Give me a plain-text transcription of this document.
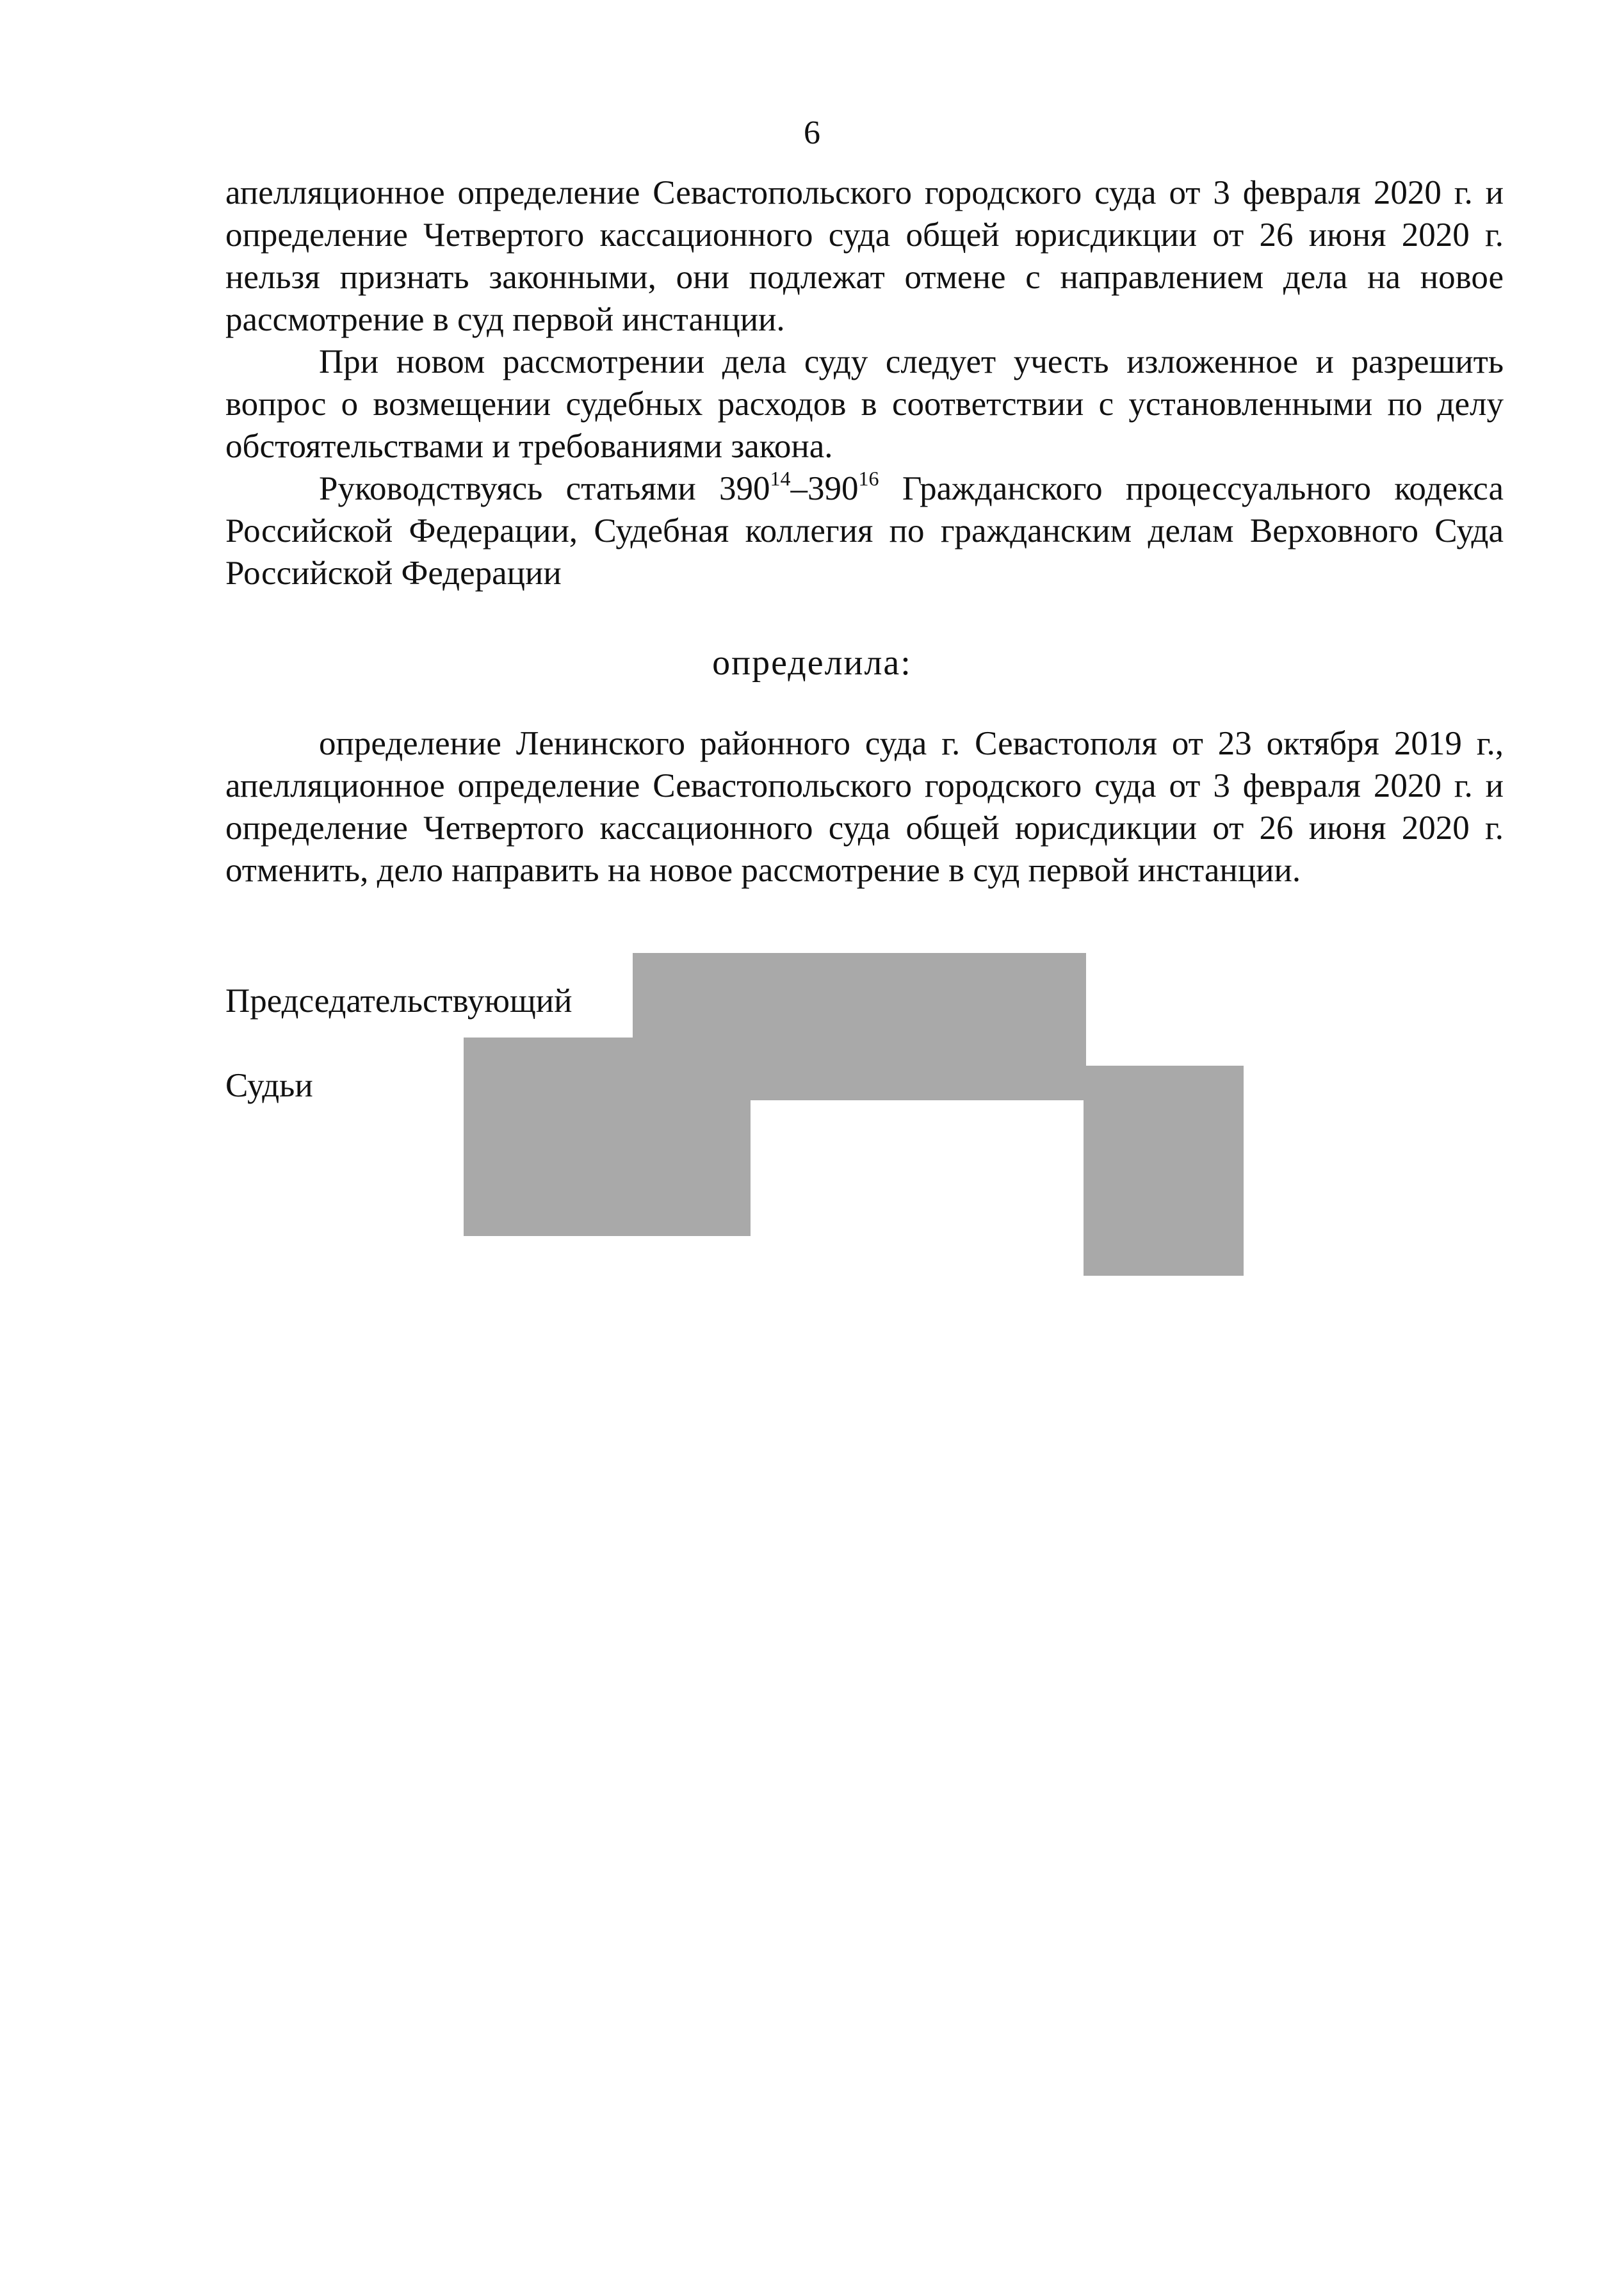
6
апелляционное определение Севастопольского городского суда от 3 февраля 2020 г. и определение Четвертого кассационного суда общей юрисдикции от 26 июня 2020 г. нельзя признать законными, они подлежат отмене с направлением дела на новое рассмотрение в суд первой инстанции.
При новом рассмотрении дела суду следует учесть изложенное и разрешить вопрос о возмещении судебных расходов в соответствии с установленными по делу обстоятельствами и требованиями закона.
Руководствуясь статьями $390^{14}-390^{16}$ Гражданского процессуального кодекса Российской Федерации, Судебная коллегия по гражданским делам Верховного Суда Российской Федерации
определила:
определение Ленинского районного суда г. Севастополя от 23 октября 2019 г., апелляционное определение Севастопольского городского суда от 3 февраля 2020 г. и определение Четвертого кассационного суда общей юрисдикции от 26 июня 2020 г. отменить, дело направить на новое рассмотрение в суд первой инстанции.
Председательствующий
Судьи
